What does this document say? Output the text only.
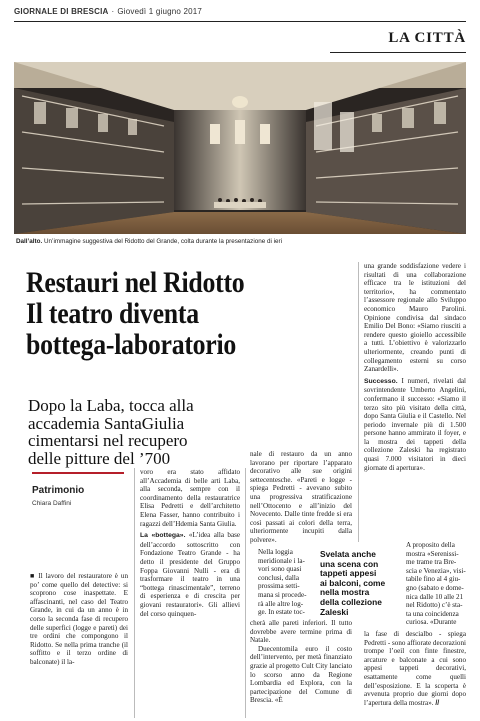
GIORNALE DI BRESCIA · Giovedì 1 giugno 2017
LA CITTÀ
Dall’alto. Un’immagine suggestiva del Ridotto del Grande, colta durante la presentazione di ieri
Restauri nel Ridotto
Il teatro diventa
bottega-laboratorio
Dopo la Laba, tocca alla
accademia SantaGiulia
cimentarsi nel recupero
delle pitture del ’700
Patrimonio
Chiara Daffini

■ Il lavoro del restauratore è un po’ come quello del detective: si scoprono cose inaspettate. E affascinanti, nel caso del Teatro Grande, in cui da un anno è in corso la seconda fase di recupero delle superfici (logge e pareti) dei tre ordini che compongono il Ridotto. Se nella prima tranche (il soffitto e il terzo ordine di balconate) il la-

voro era stato affidato all’Accademia di belle arti Laba, alla seconda, sempre con il coordinamento della restauratrice Elisa Pedretti e dell’architetto Elena Fasser, hanno contribuito i ragazzi dell’Hdemia Santa Giulia.

La «bottega». «L’idea alla base dell’accordo sottoscritto con Fondazione Teatro Grande - ha detto il presidente del Gruppo Foppa Giovanni Nulli - era di trasformare il teatro in una “bottega rinascimentale”, terreno di esperienza e di crescita per giovani restauratori». Gli allievi del corso quinquen-

nale di restauro da un anno lavorano per riportare l’apparato decorativo alle sue origini settecentesche. «Pareti e logge - spiega Pedretti - avevano subito una progressiva stratificazione nell’Ottocento e all’inizio del Novecento. Dalle tinte fredde si era così passati ai colori della terra, ulteriormente incupiti dalla polvere».

Nella loggia
meridionale i la-
vori sono quasi
conclusi, dalla
prossima setti-
mana si procede-
rà alle altre log-
ge. In estate toc-

cherà alle pareti inferiori. Il tutto dovrebbe avere termine prima di Natale.

Duecentomila euro il costo dell’intervento, per metà finanziato grazie al progetto Cult City lanciato lo scorso anno da Regione Lombardia ed Explora, con la partecipazione del Comune di Brescia. «È

Svelata anche
una scena con
tappeti appesi
ai balconi, come
nella mostra
della collezione
Zaleski

una grande soddisfazione vedere i risultati di una collaborazione efficace tra le istituzioni del territorio», ha commentato l’assessore regionale allo Sviluppo economico Mauro Parolini. Opinione condivisa dal sindaco Emilio Del Bono: «Siamo riusciti a rendere questo gioiello accessibile a tutti. L’obiettivo è valorizzarlo ulteriormente, creando punti di collegamento esterni su corso Zanardelli».

Successo. I numeri, rivelati dal sovrintendente Umberto Angelini, confermano il successo: «Siamo il terzo sito più visitato della città, dopo Santa Giulia e il Castello. Nel periodo invernale più di 1.500 persone hanno ammirato il foyer, e la mostra dei tappeti della collezione Zaleski ha registrato quasi 7.000 visitatori in dieci giornate di apertura».

A proposito della
mostra «Serenissi-
me trame tra Bre-
scia e Venezia», visi-
tabile fino al 4 giu-
gno (sabato e dome-
nica dalle 10 alle 21
nel Ridotto) c’è sta-
ta una coincidenza
curiosa. «Durante

la fase di descialbo - spiega Pedretti - sono affiorate decorazioni trompe l’oeil con finte finestre, arcature e balconate a cui sono appesi tappeti decorativi, esattamente come quelli dell’esposizione. E la scoperta è avvenuta proprio due giorni dopo l’apertura della mostra». //
